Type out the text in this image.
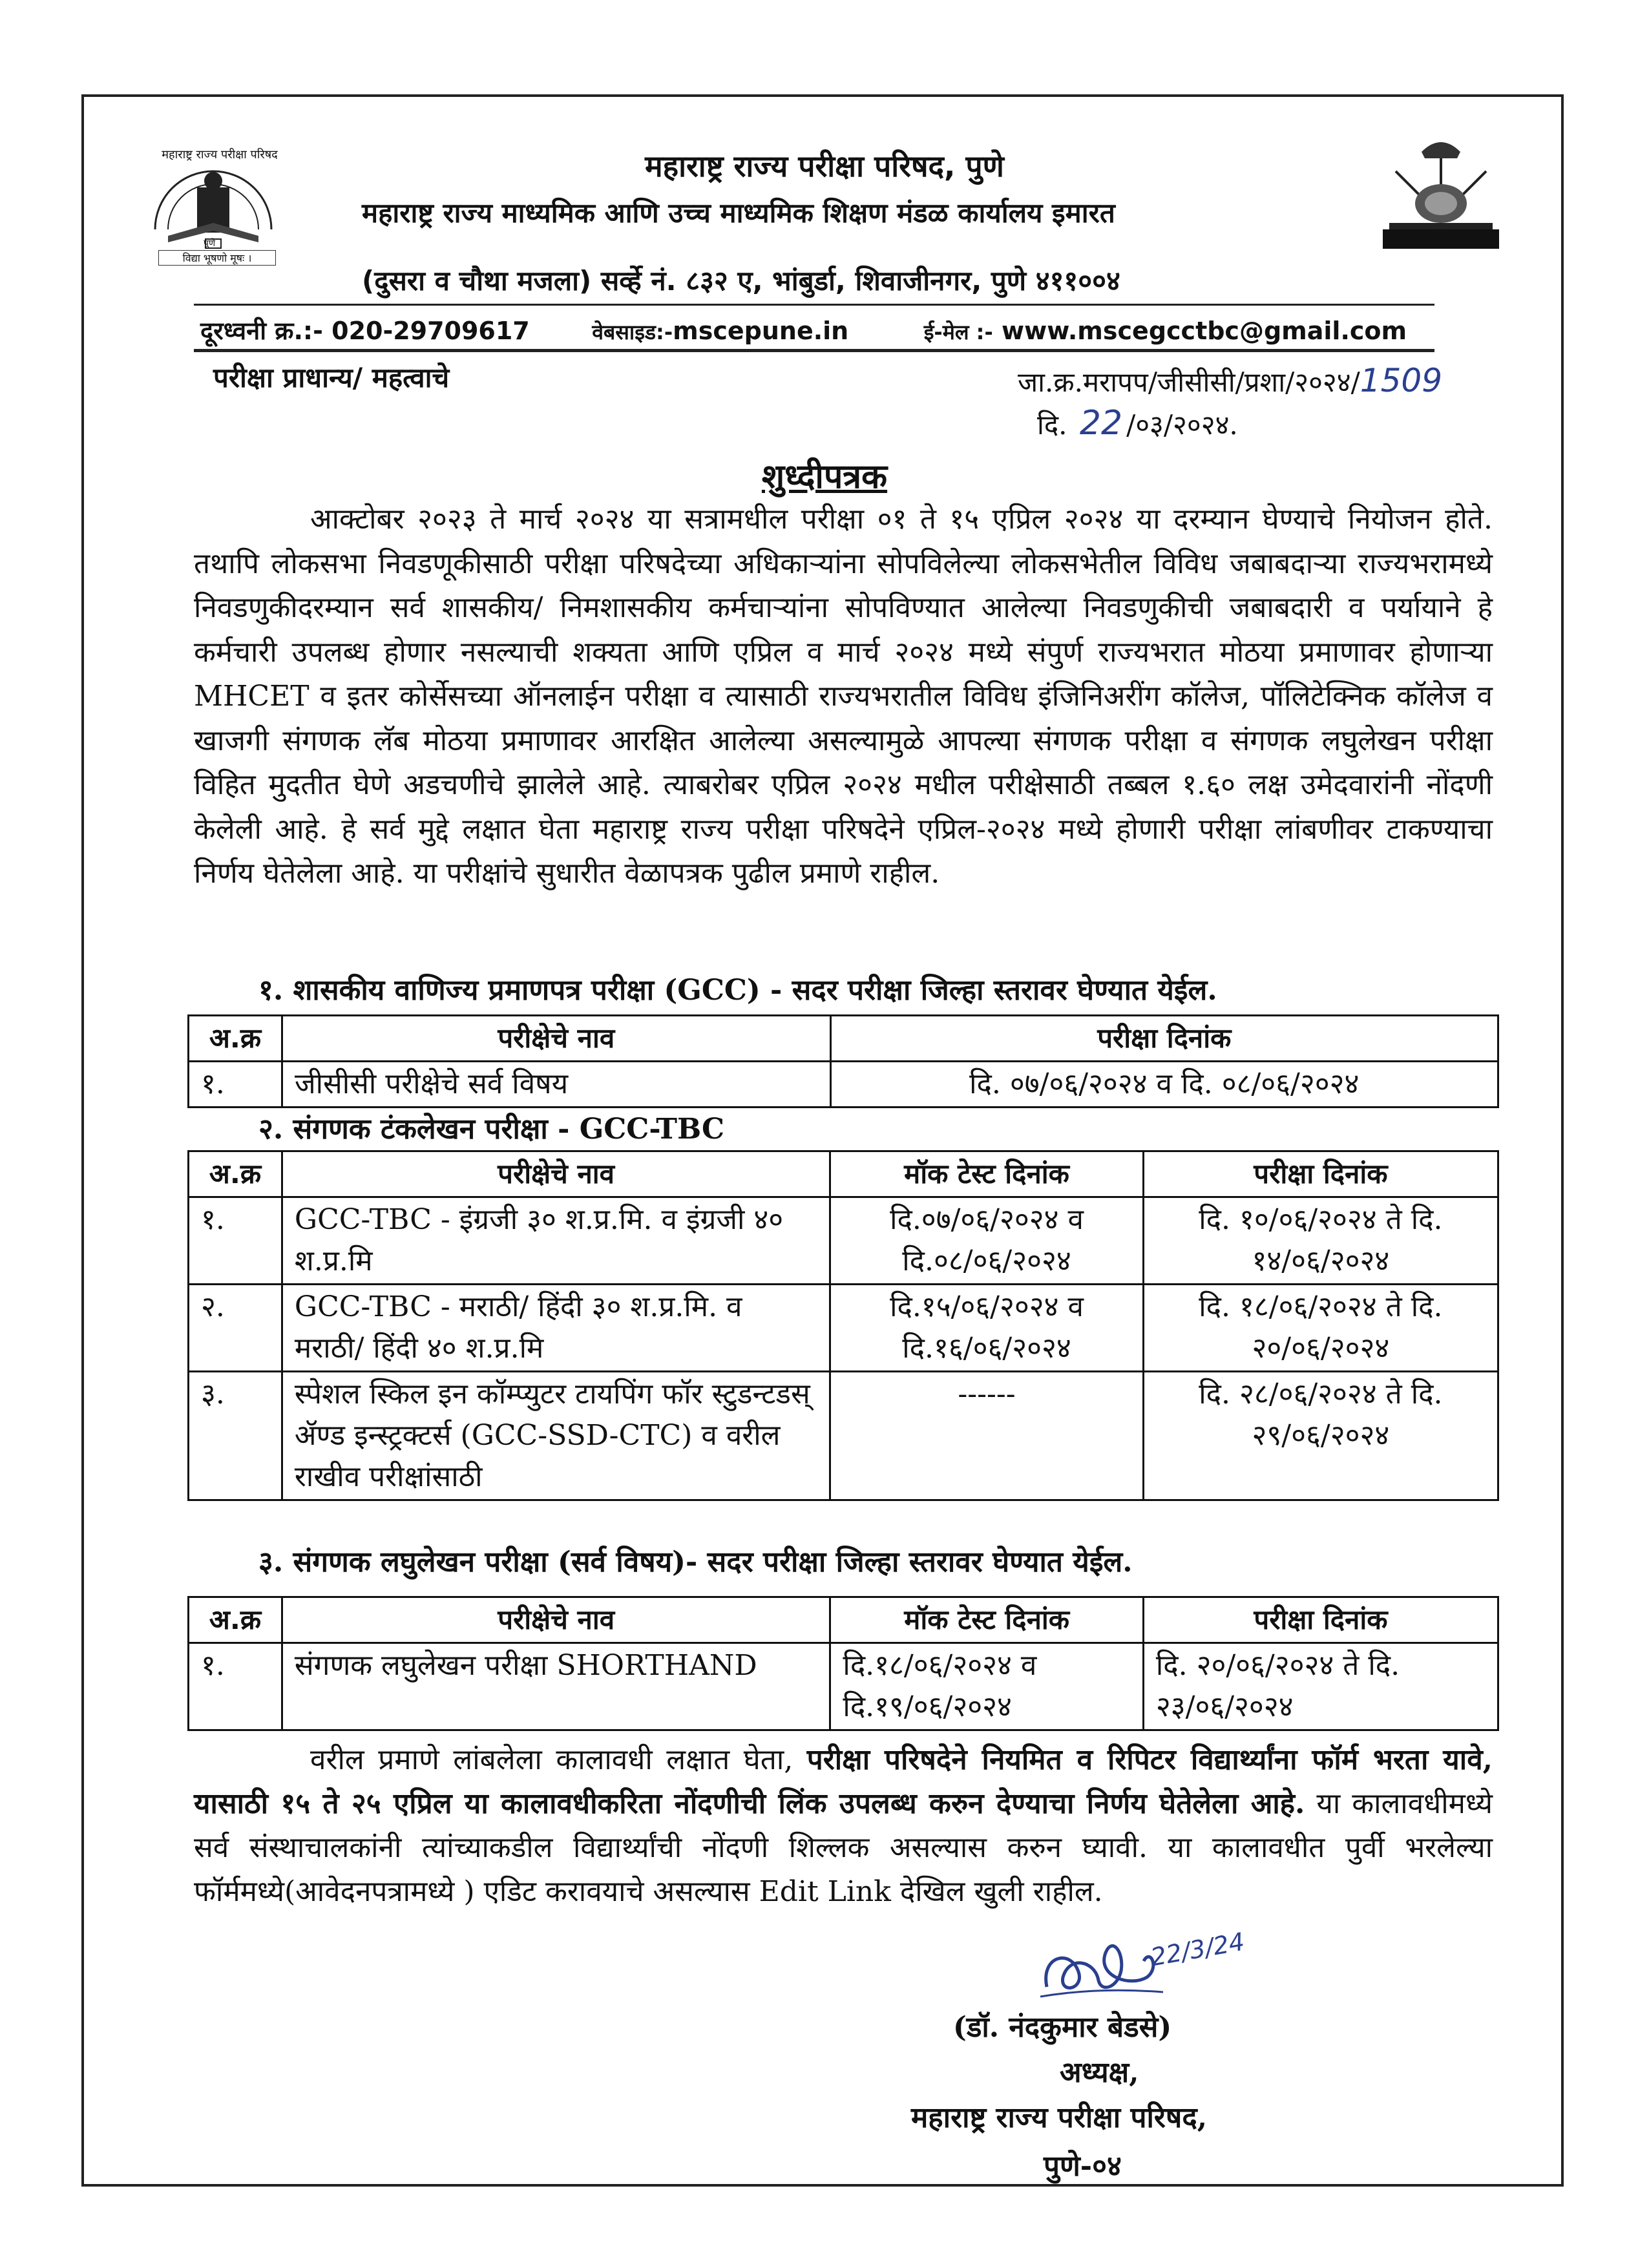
महाराष्ट्र राज्य परीक्षा परिषद
पुणे
विद्या भूषणो मूषः ।
महाराष्ट्र राज्य परीक्षा परिषद, पुणे
महाराष्ट्र राज्य माध्यमिक आणि उच्च माध्यमिक शिक्षण मंडळ कार्यालय इमारत
(दुसरा व चौथा मजला) सर्व्हे नं. ८३२ ए, भांबुर्डा, शिवाजीनगर, पुणे ४११००४
दूरध्वनी क्र.:- 020-29709617	वेबसाइड:-mscepune.in	ई-मेल :- www.mscegcctbc@gmail.com
परीक्षा प्राधान्य/ महत्वाचे	जा.क्र.मरापप/जीसीसी/प्रशा/२०२४/1509
दि. 22 /०३/२०२४.
शुध्दीपत्रक
आक्टोबर २०२३ ते मार्च २०२४ या सत्रामधील परीक्षा ०१ ते १५ एप्रिल २०२४ या दरम्यान घेण्याचे नियोजन होते. तथापि लोकसभा निवडणूकीसाठी परीक्षा परिषदेच्या अधिकाऱ्यांना सोपविलेल्या लोकसभेतील विविध जबाबदाऱ्या राज्यभरामध्ये निवडणुकीदरम्यान सर्व शासकीय/ निमशासकीय कर्मचाऱ्यांना सोपविण्यात आलेल्या निवडणुकीची जबाबदारी व पर्यायाने हे कर्मचारी उपलब्ध होणार नसल्याची शक्यता आणि एप्रिल व मार्च २०२४ मध्ये संपुर्ण राज्यभरात मोठया प्रमाणावर होणाऱ्या MHCET व इतर कोर्सेसच्या ऑनलाईन परीक्षा व त्यासाठी राज्यभरातील विविध इंजिनिअरींग कॉलेज, पॉलिटेक्निक कॉलेज व खाजगी संगणक लॅब मोठया प्रमाणावर आरक्षित आलेल्या असल्यामुळे आपल्या संगणक परीक्षा व संगणक लघुलेखन परीक्षा विहित मुदतीत घेणे अडचणीचे झालेले आहे. त्याबरोबर एप्रिल २०२४ मधील परीक्षेसाठी तब्बल १.६० लक्ष उमेदवारांनी नोंदणी केलेली आहे. हे सर्व मुद्दे लक्षात घेता महाराष्ट्र राज्य परीक्षा परिषदेने एप्रिल-२०२४ मध्ये होणारी परीक्षा लांबणीवर टाकण्याचा निर्णय घेतेलेला आहे. या परीक्षांचे सुधारीत वेळापत्रक पुढील प्रमाणे राहील.
१. शासकीय वाणिज्य प्रमाणपत्र परीक्षा (GCC) - सदर परीक्षा जिल्हा स्तरावर घेण्यात येईल.
अ.क्र	परीक्षेचे नाव	परीक्षा दिनांक
१.	जीसीसी परीक्षेचे सर्व विषय	दि. ०७/०६/२०२४ व दि. ०८/०६/२०२४
२. संगणक टंकलेखन परीक्षा - GCC-TBC
अ.क्र	परीक्षेचे नाव	मॉक टेस्ट दिनांक	परीक्षा दिनांक
१.	GCC-TBC - इंग्रजी ३० श.प्र.मि. व इंग्रजी ४० श.प्र.मि	दि.०७/०६/२०२४ व दि.०८/०६/२०२४	दि. १०/०६/२०२४ ते दि. १४/०६/२०२४
२.	GCC-TBC - मराठी/ हिंदी ३० श.प्र.मि. व मराठी/ हिंदी ४० श.प्र.मि	दि.१५/०६/२०२४ व दि.१६/०६/२०२४	दि. १८/०६/२०२४ ते दि. २०/०६/२०२४
३.	स्पेशल स्किल इन कॉम्प्युटर टायपिंग फॉर स्टुडन्टडस् ॲण्ड इन्स्ट्रक्टर्स (GCC-SSD-CTC) व वरील राखीव परीक्षांसाठी	------	दि. २८/०६/२०२४ ते दि. २९/०६/२०२४
३. संगणक लघुलेखन परीक्षा (सर्व विषय)- सदर परीक्षा जिल्हा स्तरावर घेण्यात येईल.
अ.क्र	परीक्षेचे नाव	मॉक टेस्ट दिनांक	परीक्षा दिनांक
१.	संगणक लघुलेखन परीक्षा SHORTHAND	दि.१८/०६/२०२४ व दि.१९/०६/२०२४	दि. २०/०६/२०२४ ते दि. २३/०६/२०२४
वरील प्रमाणे लांबलेला कालावधी लक्षात घेता, परीक्षा परिषदेने नियमित व रिपिटर विद्यार्थ्यांना फॉर्म भरता यावे, यासाठी १५ ते २५ एप्रिल या कालावधीकरिता नोंदणीची लिंक उपलब्ध करुन देण्याचा निर्णय घेतेलेला आहे. या कालावधीमध्ये सर्व संस्थाचालकांनी त्यांच्याकडील विद्यार्थ्यांची नोंदणी शिल्लक असल्यास करुन घ्यावी. या कालावधीत पुर्वी भरलेल्या फॉर्ममध्ये(आवेदनपत्रामध्ये ) एडिट करावयाचे असल्यास Edit Link देखिल खुली राहील.
22/3/24
(डॉ. नंदकुमार बेडसे)
अध्यक्ष,
महाराष्ट्र राज्य परीक्षा परिषद,
पुणे-०४
